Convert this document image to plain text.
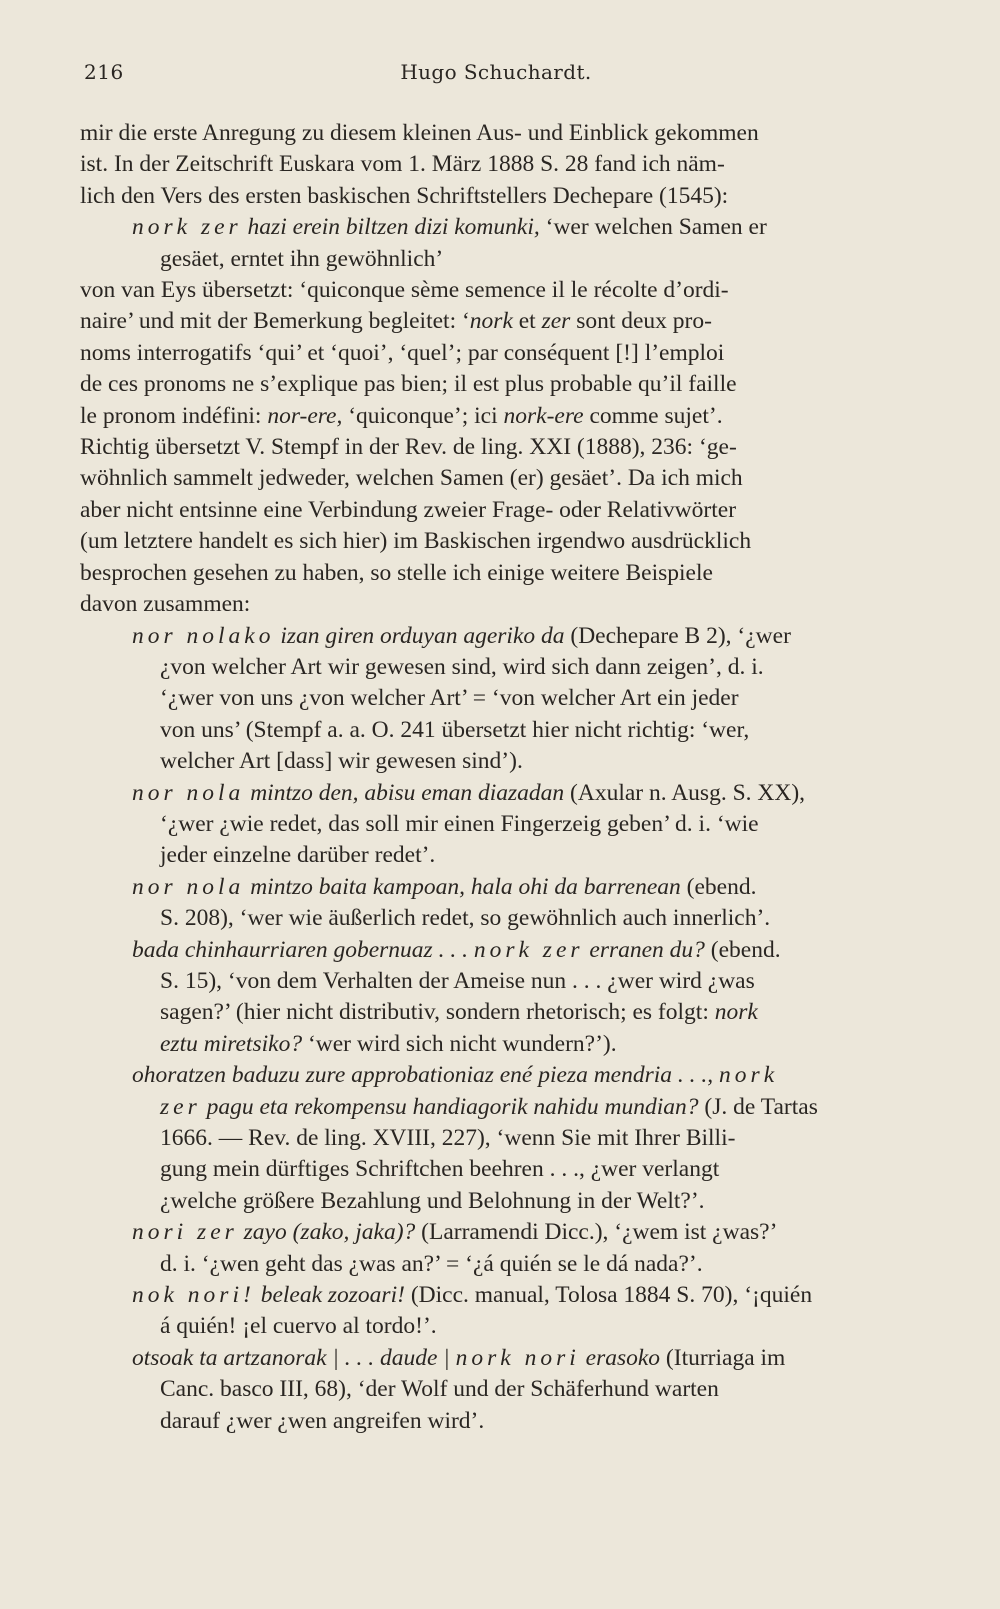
216	Hugo Schuchardt.
mir die erste Anregung zu diesem kleinen Aus- und Einblick gekommen
ist. In der Zeitschrift Euskara vom 1. März 1888 S. 28 fand ich näm-
lich den Vers des ersten baskischen Schriftstellers Dechepare (1545):
nork zer hazi erein biltzen dizi komunki, ‘wer welchen Samen er
gesäet, erntet ihn gewöhnlich’
von van Eys übersetzt: ‘quiconque sème semence il le récolte d’ordi-
naire’ und mit der Bemerkung begleitet: ‘nork et zer sont deux pro-
noms interrogatifs ‘qui’ et ‘quoi’, ‘quel’; par conséquent [!] l’emploi
de ces pronoms ne s’explique pas bien; il est plus probable qu’il faille
le pronom indéfini: nor-ere, ‘quiconque’; ici nork-ere comme sujet’.
Richtig übersetzt V. Stempf in der Rev. de ling. XXI (1888), 236: ‘ge-
wöhnlich sammelt jedweder, welchen Samen (er) gesäet’. Da ich mich
aber nicht entsinne eine Verbindung zweier Frage- oder Relativwörter
(um letztere handelt es sich hier) im Baskischen irgendwo ausdrücklich
besprochen gesehen zu haben, so stelle ich einige weitere Beispiele
davon zusammen:
nor nolako izan giren orduyan ageriko da (Dechepare B 2), ‘¿wer
¿von welcher Art wir gewesen sind, wird sich dann zeigen’, d. i.
‘¿wer von uns ¿von welcher Art’ = ‘von welcher Art ein jeder
von uns’ (Stempf a. a. O. 241 übersetzt hier nicht richtig: ‘wer,
welcher Art [dass] wir gewesen sind’).
nor nola mintzo den, abisu eman diazadan (Axular n. Ausg. S. XX),
‘¿wer ¿wie redet, das soll mir einen Fingerzeig geben’ d. i. ‘wie
jeder einzelne darüber redet’.
nor nola mintzo baita kampoan, hala ohi da barrenean (ebend.
S. 208), ‘wer wie äußerlich redet, so gewöhnlich auch innerlich’.
bada chinhaurriaren gobernuaz . . . nork zer erranen du? (ebend.
S. 15), ‘von dem Verhalten der Ameise nun . . . ¿wer wird ¿was
sagen?’ (hier nicht distributiv, sondern rhetorisch; es folgt: nork
eztu miretsiko? ‘wer wird sich nicht wundern?’).
ohoratzen baduzu zure approbationiaz ené pieza mendria . . ., nork
zer pagu eta rekompensu handiagorik nahidu mundian? (J. de Tartas
1666. — Rev. de ling. XVIII, 227), ‘wenn Sie mit Ihrer Billi-
gung mein dürftiges Schriftchen beehren . . ., ¿wer verlangt
¿welche größere Bezahlung und Belohnung in der Welt?’.
nori zer zayo (zako, jaka)? (Larramendi Dicc.), ‘¿wem ist ¿was?’
d. i. ‘¿wen geht das ¿was an?’ = ‘¿á quién se le dá nada?’.
nok nori! beleak zozoari! (Dicc. manual, Tolosa 1884 S. 70), ‘¡quién
á quién! ¡el cuervo al tordo!’.
otsoak ta artzanorak | . . . daude | nork nori erasoko (Iturriaga im
Canc. basco III, 68), ‘der Wolf und der Schäferhund warten
darauf ¿wer ¿wen angreifen wird’.
